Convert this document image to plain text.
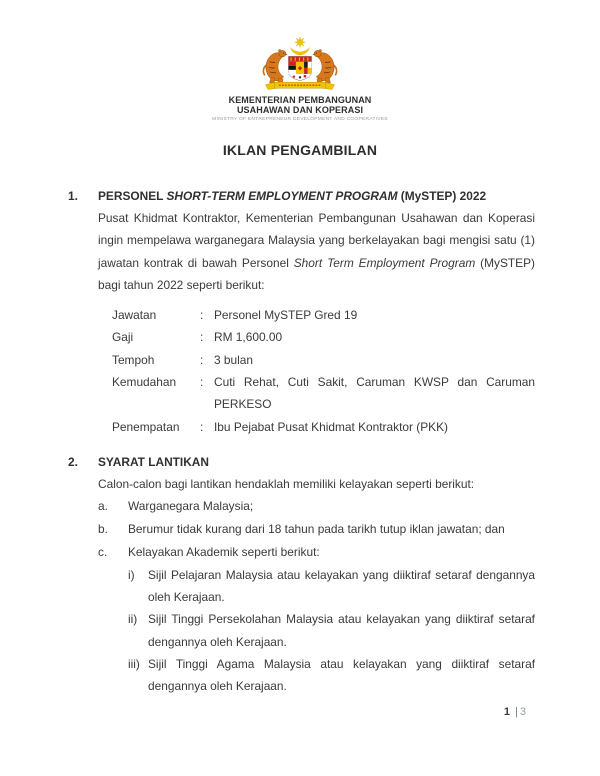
KEMENTERIAN PEMBANGUNAN
USAHAWAN DAN KOPERASI
MINISTRY OF ENTREPRENEUR DEVELOPMENT AND COOPERATIVES
IKLAN PENGAMBILAN
1.	PERSONEL SHORT-TERM EMPLOYMENT PROGRAM (MySTEP) 2022

Pusat Khidmat Kontraktor, Kementerian Pembangunan Usahawan dan Koperasi ingin mempelawa warganegara Malaysia yang berkelayakan bagi mengisi satu (1) jawatan kontrak di bawah Personel Short Term Employment Program (MySTEP) bagi tahun 2022 seperti berikut:

Jawatan	: Personel MySTEP Gred 19
Gaji	: RM 1,600.00
Tempoh	: 3 bulan
Kemudahan	: Cuti Rehat, Cuti Sakit, Caruman KWSP dan Caruman PERKESO
Penempatan	: Ibu Pejabat Pusat Khidmat Kontraktor (PKK)
2.	SYARAT LANTIKAN

Calon-calon bagi lantikan hendaklah memiliki kelayakan seperti berikut:

a.	Warganegara Malaysia;
b.	Berumur tidak kurang dari 18 tahun pada tarikh tutup iklan jawatan; dan
c.	Kelayakan Akademik seperti berikut:
i)	Sijil Pelajaran Malaysia atau kelayakan yang diiktiraf setaraf dengannya oleh Kerajaan.
ii) Sijil Tinggi Persekolahan Malaysia atau kelayakan yang diiktiraf setaraf dengannya oleh Kerajaan.
iii) Sijil Tinggi Agama Malaysia atau kelayakan yang diiktiraf setaraf dengannya oleh Kerajaan.
1 | 3
